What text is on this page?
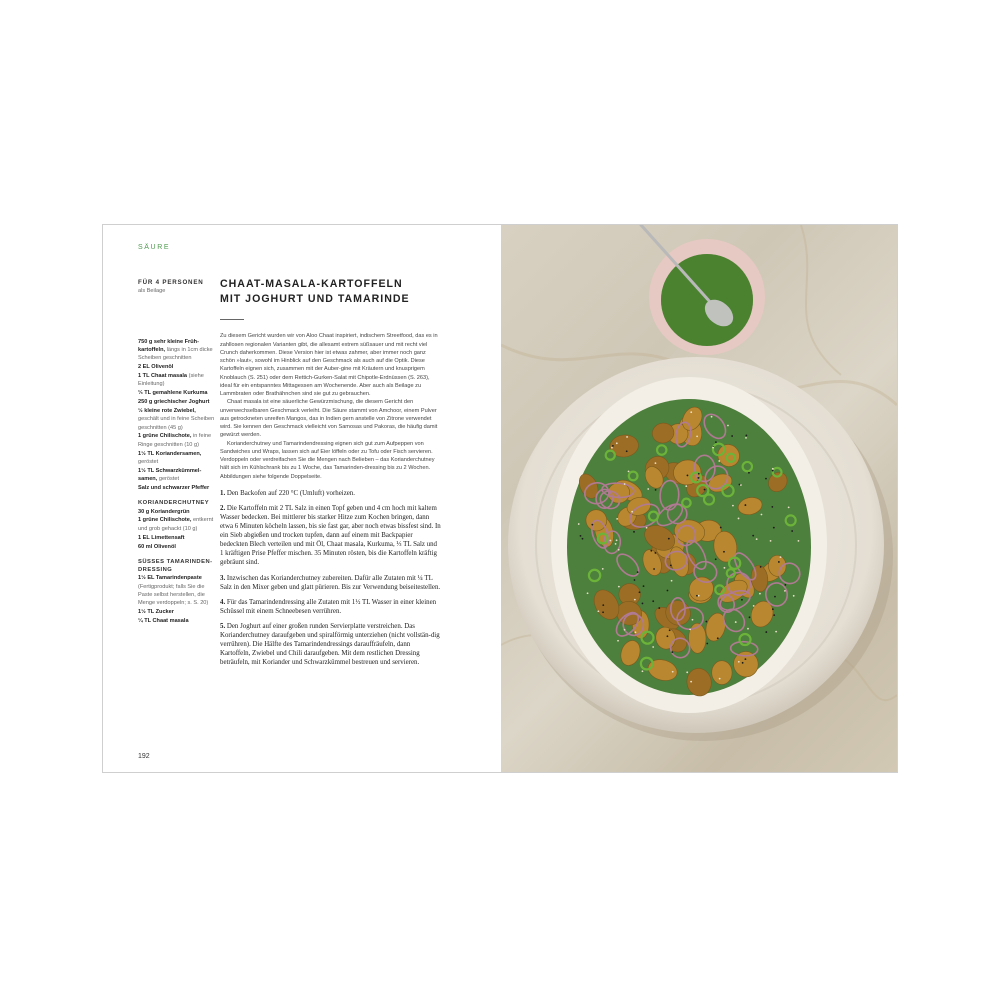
SÄURE
FÜR 4 PERSONEN
als Beilage
750 g sehr kleine Früh-kartoffeln, längs in 1cm dicke Scheiben geschnitten
2 EL Olivenöl
1 TL Chaat masala (siehe Einleitung)
⅓ TL gemahlene Kurkuma
250 g griechischer Joghurt
½ kleine rote Zwiebel, geschält und in feine Scheiben geschnitten (45 g)
1 grüne Chilischote, in feine Ringe geschnitten (10 g)
1½ TL Koriandersamen, geröstet
1½ TL Schwarzkümmel-samen, geröstet
Salz und schwarzer Pfeffer
KORIANDERCHUTNEY
30 g Koriandergrün
1 grüne Chilischote, entkernt und grob gehackt (10 g)
1 EL Limettensaft
60 ml Olivenöl
SÜSSES TAMARINDEN-DRESSING
1½ EL Tamarindenpaste (Fertigprodukt; falls Sie die Paste selbst herstellen, die Menge verdoppeln; s. S. 20)
1½ TL Zucker
¼ TL Chaat masala
CHAAT-MASALA-KARTOFFELN
MIT JOGHURT UND TAMARINDE

Zu diesem Gericht wurden wir von Aloo Chaat inspiriert, indischem Streetfood, das es in zahllosen regionalen Varianten gibt, die allesamt extrem süßsauer und mit recht viel Crunch daherkommen. Diese Version hier ist etwas zahmer, aber immer noch ganz schön »laut«, sowohl im Hinblick auf den Geschmack als auch auf die Optik. Diese Kartoffeln eignen sich, zusammen mit der Auber-gine mit Kräutern und knusprigem Knoblauch (S. 251) oder dem Rettich-Gurken-Salat mit Chipotle-Erdnüssen (S. 263), ideal für ein entspanntes Mittagessen am Wochenende. Aber auch als Beilage zu Lammbraten oder Brathähnchen sind sie gut zu gebrauchen.

Chaat masala ist eine säuerliche Gewürzmischung, die diesem Gericht den unverwechselbaren Geschmack verleiht. Die Säure stammt von Amchoor, einem Pulver aus getrockneten unreifen Mangos, das in Indien gern anstelle von Zitrone verwendet wird. Sie kennen den Geschmack vielleicht von Samosas und Pakoras, die häufig damit gewürzt werden.

Korianderchutney und Tamarindendressing eignen sich gut zum Aufpeppen von Sandwiches und Wraps, lassen sich auf Eier löffeln oder zu Tofu oder Fisch servieren. Verdoppeln oder verdreifachen Sie die Mengen nach Belieben – das Korianderchutney hält sich im Kühlschrank bis zu 1 Woche, das Tamarinden-dressing bis zu 2 Wochen. Abbildungen siehe folgende Doppelseite.

1. Den Backofen auf 220 °C (Umluft) vorheizen.

2. Die Kartoffeln mit 2 TL Salz in einen Topf geben und 4 cm hoch mit kaltem Wasser bedecken. Bei mittlerer bis starker Hitze zum Kochen bringen, dann etwa 6 Minuten köcheln lassen, bis sie fast gar, aber noch etwas bissfest sind. In ein Sieb abgießen und trocken tupfen, dann auf einem mit Backpapier bedeckten Blech verteilen und mit Öl, Chaat masala, Kurkuma, ⅓ TL Salz und 1 kräftigen Prise Pfeffer mischen. 35 Minuten rösten, bis die Kartoffeln kräftig gebräunt sind.

3. Inzwischen das Korianderchutney zubereiten. Dafür alle Zutaten mit ¼ TL Salz in den Mixer geben und glatt pürieren. Bis zur Verwendung beiseitestellen.

4. Für das Tamarindendressing alle Zutaten mit 1½ TL Wasser in einer kleinen Schüssel mit einem Schneebesen verrühren.

5. Den Joghurt auf einer großen runden Servierplatte verstreichen. Das Korianderchutney daraufgeben und spiralförmig unterziehen (nicht vollstän-dig verrühren). Die Hälfte des Tamarindendressings darauffräufeln, dann Kartoffeln, Zwiebel und Chili daraufgeben. Mit dem restlichen Dressing beträufeln, mit Koriander und Schwarzkümmel bestreuen und servieren.

192
